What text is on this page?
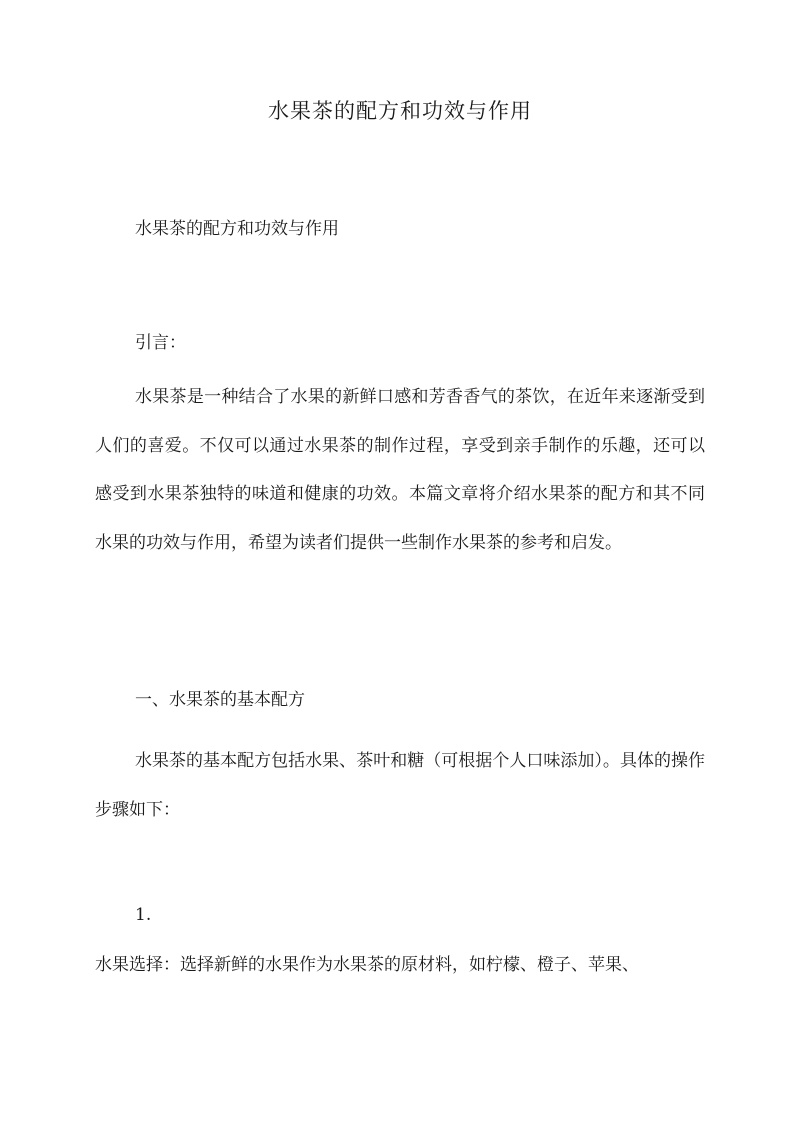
水果茶的配方和功效与作用

水果茶的配方和功效与作用

引言：

水果茶是一种结合了水果的新鲜口感和芳香香气的茶饮，在近年来逐渐受到人们的喜爱。不仅可以通过水果茶的制作过程，享受到亲手制作的乐趣，还可以感受到水果茶独特的味道和健康的功效。本篇文章将介绍水果茶的配方和其不同水果的功效与作用，希望为读者们提供一些制作水果茶的参考和启发。

一、水果茶的基本配方

水果茶的基本配方包括水果、茶叶和糖（可根据个人口味添加）。具体的操作步骤如下：

1.

水果选择：选择新鲜的水果作为水果茶的原材料，如柠檬、橙子、苹果、
